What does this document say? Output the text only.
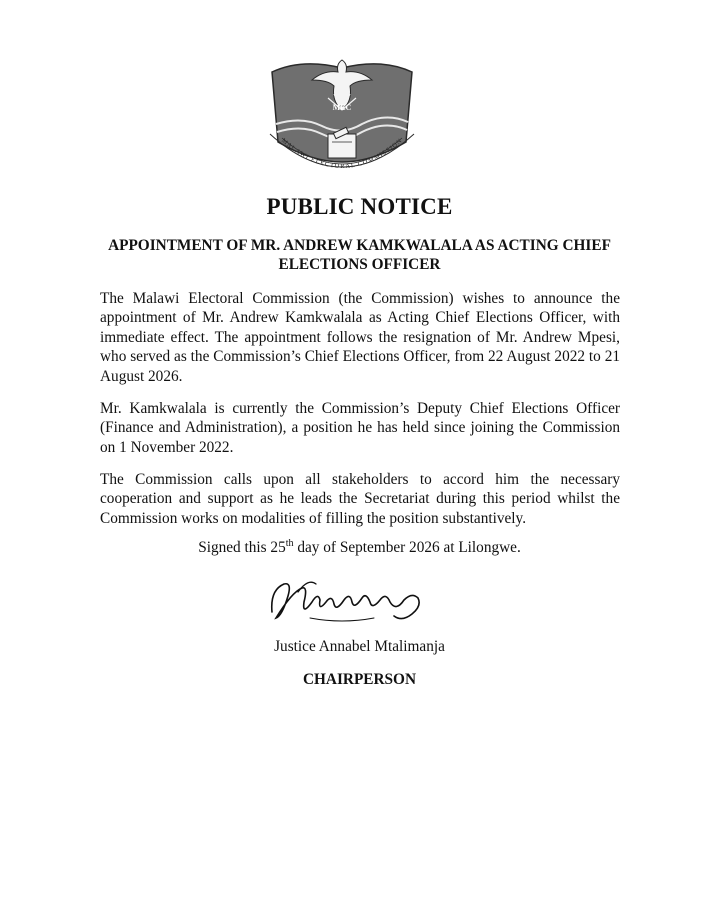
MEC
MALAWI ELECTORAL COMMISSION
PUBLIC NOTICE
APPOINTMENT OF MR. ANDREW KAMKWALALA AS ACTING CHIEF ELECTIONS OFFICER

The Malawi Electoral Commission (the Commission) wishes to announce the appointment of Mr. Andrew Kamkwalala as Acting Chief Elections Officer, with immediate effect. The appointment follows the resignation of Mr. Andrew Mpesi, who served as the Commission’s Chief Elections Officer, from 22 August 2022 to 21 August 2026.

Mr. Kamkwalala is currently the Commission’s Deputy Chief Elections Officer (Finance and Administration), a position he has held since joining the Commission on 1 November 2022.

The Commission calls upon all stakeholders to accord him the necessary cooperation and support as he leads the Secretariat during this period whilst the Commission works on modalities of filling the position substantively.

Signed this 25th day of September 2026 at Lilongwe.
Justice Annabel Mtalimanja
CHAIRPERSON
